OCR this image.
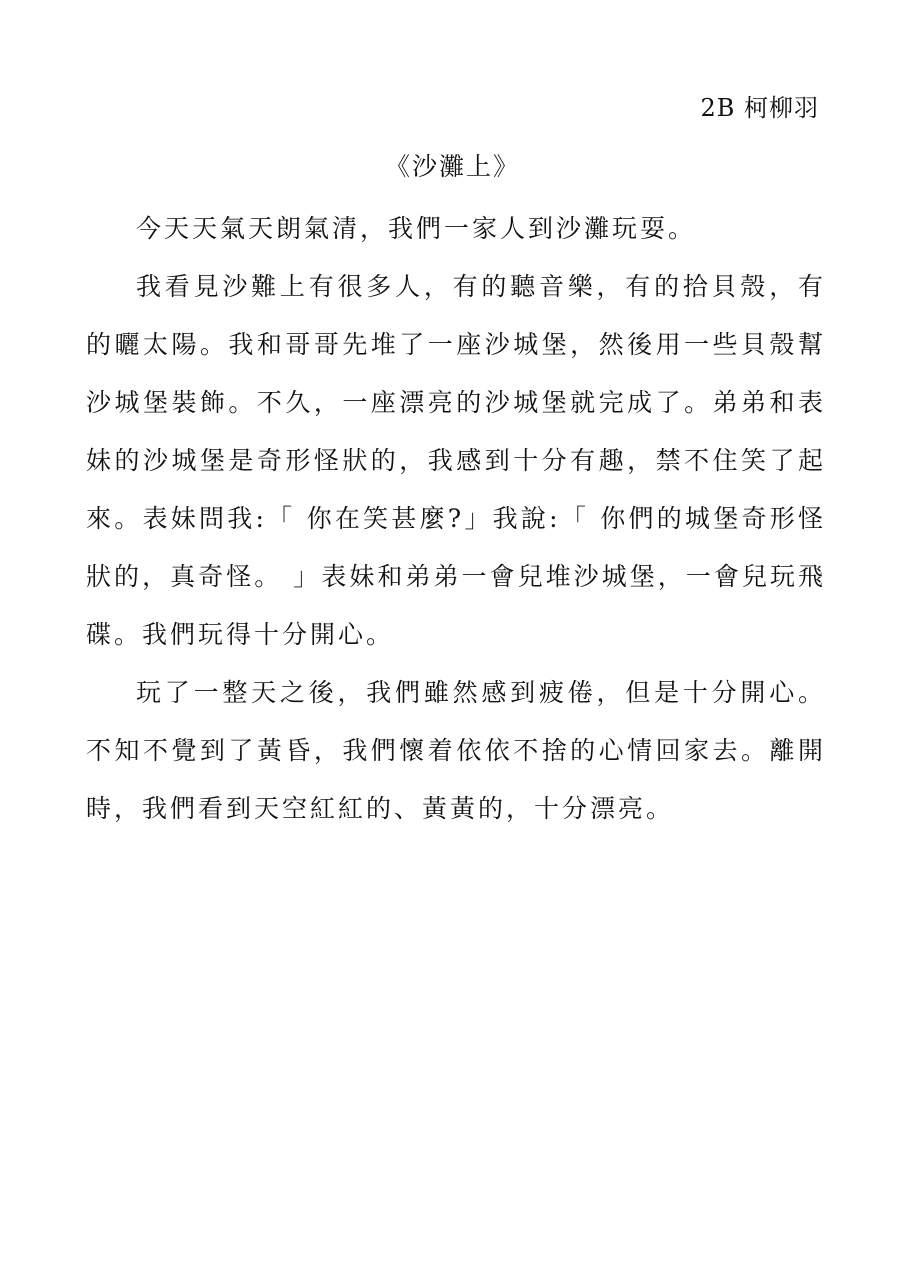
2B 柯柳羽
《沙灘上》

今天天氣天朗氣清，我們一家人到沙灘玩耍。

我看見沙難上有很多人，有的聽音樂，有的拾貝殼，有的曬太陽。我和哥哥先堆了一座沙城堡，然後用一些貝殼幫沙城堡裝飾。不久，一座漂亮的沙城堡就完成了。弟弟和表妹的沙城堡是奇形怪狀的，我感到十分有趣，禁不住笑了起來。表妹問我:「 你在笑甚麼?」我說:「 你們的城堡奇形怪狀的，真奇怪。 」表妹和弟弟一會兒堆沙城堡，一會兒玩飛碟。我們玩得十分開心。

玩了一整天之後，我們雖然感到疲倦，但是十分開心。不知不覺到了黃昏，我們懷着依依不捨的心情回家去。離開時，我們看到天空紅紅的、黃黃的，十分漂亮。
